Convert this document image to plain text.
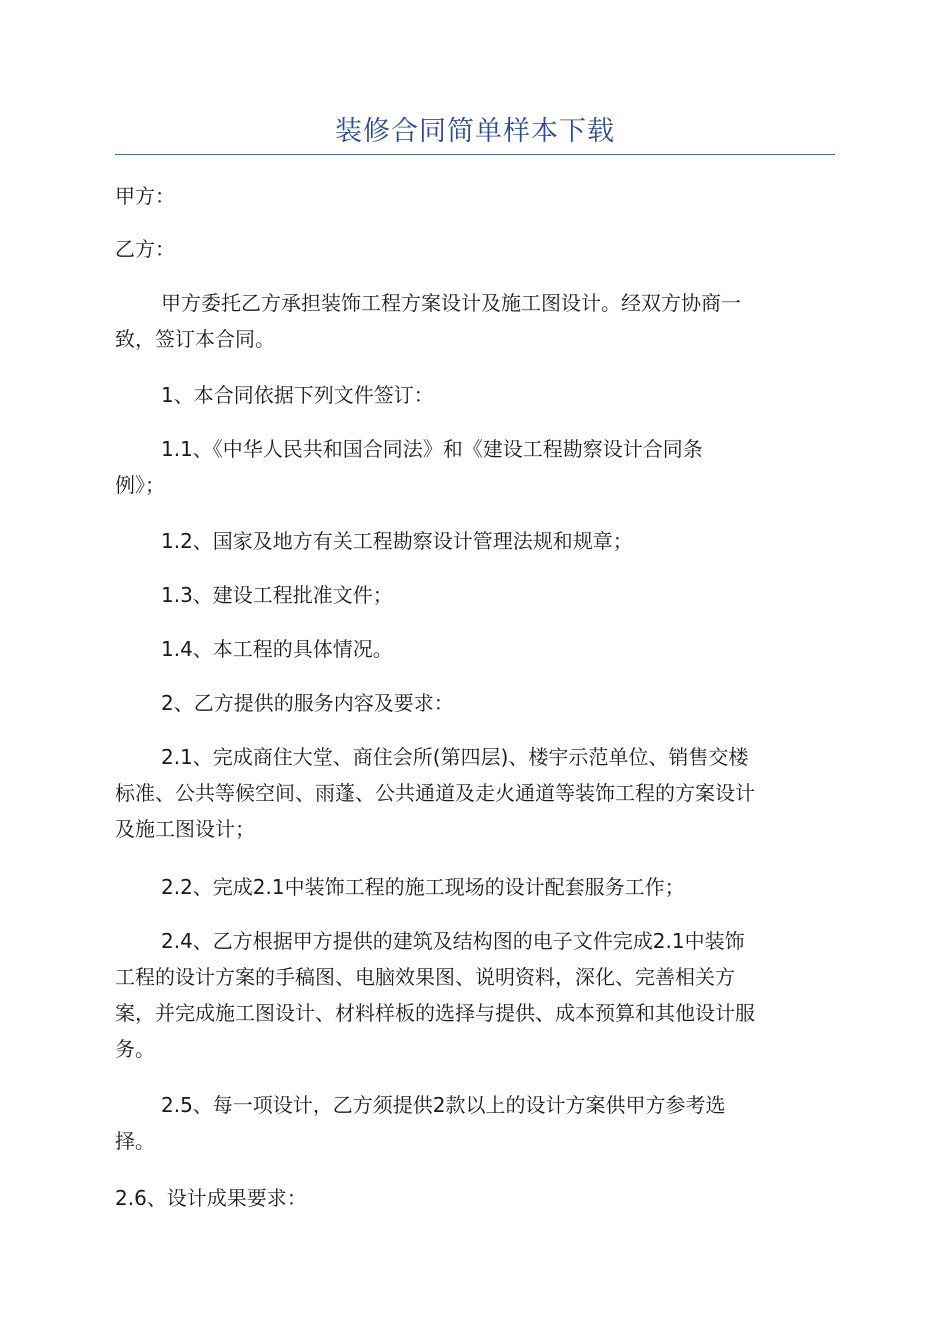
装修合同简单样本下载

甲方：

乙方：

甲方委托乙方承担装饰工程方案设计及施工图设计。经双方协商一
致，签订本合同。

1、本合同依据下列文件签订：

1.1、《中华人民共和国合同法》和《建设工程勘察设计合同条
例》；

1.2、国家及地方有关工程勘察设计管理法规和规章；

1.3、建设工程批准文件；

1.4、本工程的具体情况。

2、乙方提供的服务内容及要求：

2.1、完成商住大堂、商住会所(第四层)、楼宇示范单位、销售交楼
标准、公共等候空间、雨蓬、公共通道及走火通道等装饰工程的方案设计
及施工图设计；

2.2、完成2.1中装饰工程的施工现场的设计配套服务工作；

2.4、乙方根据甲方提供的建筑及结构图的电子文件完成2.1中装饰
工程的设计方案的手稿图、电脑效果图、说明资料，深化、完善相关方
案，并完成施工图设计、材料样板的选择与提供、成本预算和其他设计服
务。

2.5、每一项设计，乙方须提供2款以上的设计方案供甲方参考选
择。

2.6、设计成果要求：
